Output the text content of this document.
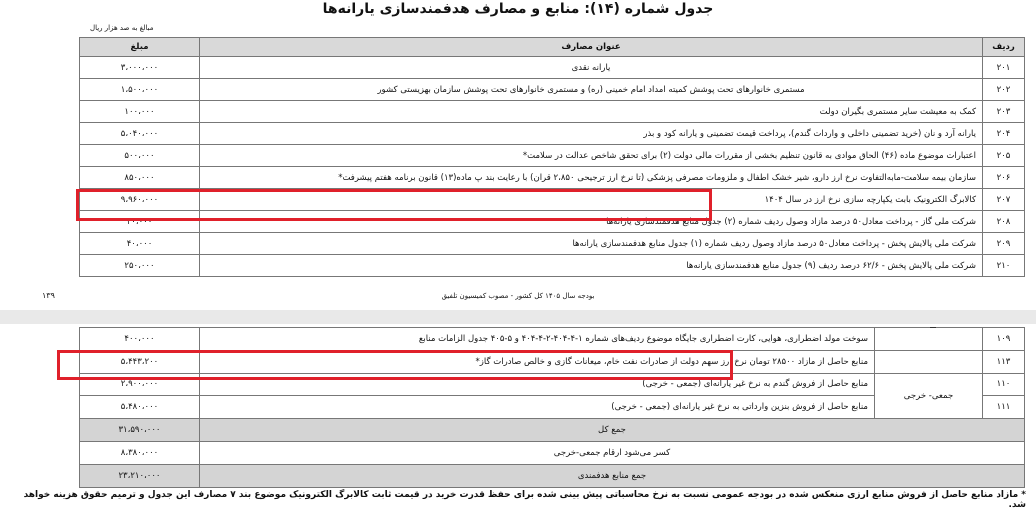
جدول شماره (۱۴): منابع و مصارف هدفمندسازی یارانه‌ها
مبالغ به صد هزار ریال
ردیف	عنوان مصارف	مبلغ
۲۰۱	یارانه نقدی	۳،۰۰۰،۰۰۰
۲۰۲	مستمری خانوارهای تحت پوشش کمیته امداد امام خمینی (ره) و مستمری خانوارهای تحت پوشش سازمان بهزیستی کشور	۱،۵۰۰،۰۰۰
۲۰۳	کمک به معیشت سایر مستمری بگیران دولت	۱۰۰،۰۰۰
۲۰۴	یارانه آرد و نان (خرید تضمینی داخلی و واردات گندم)، پرداخت قیمت تضمینی و یارانه کود و بذر	۵،۰۴۰،۰۰۰
۲۰۵	اعتبارات موضوع ماده (۴۶) الحاق موادی به قانون تنظیم بخشی از مقررات مالی دولت (۲) برای تحقق شاخص عدالت در سلامت*	۵۰۰،۰۰۰
۲۰۶	سازمان بیمه سلامت-مابه‌التفاوت نرخ ارز دارو، شیر خشک اطفال و ملزومات مصرفی پزشکی (تا نرخ ارز ترجیحی ۲،۸۵۰ قران) با رعایت بند پ ماده(۱۳) قانون برنامه هفتم پیشرفت*	۸۵۰،۰۰۰
۲۰۷	کالابرگ الکترونیک بابت یکپارچه سازی نرخ ارز در سال ۱۴۰۴	۹،۹۶۰،۰۰۰
۲۰۸	شرکت ملی گاز - پرداخت معادل۵۰ درصد مازاد وصول ردیف شماره (۲) جدول منابع هدفمندسازی یارانه‌ها	۴۰،۰۰۰
۲۰۹	شرکت ملی پالایش پخش - پرداخت معادل۵۰ درصد مازاد وصول ردیف شماره (۱) جدول منابع هدفمندسازی یارانه‌ها	۴۰،۰۰۰
۲۱۰	شرکت ملی پالایش پخش - ۶۲/۶ درصد ردیف (۹) جدول منابع هدفمندسازی یارانه‌ها	۲۵۰،۰۰۰
بودجه سال ۱۴۰۵ کل کشور - مصوب کمیسیون تلفیق
۱۳۹
۱۰۹		سوخت مولد اضطراری، هوایی، کارت اضطراری جایگاه موضوع ردیف‌های شماره ۱-۴-۴۰۴-۲-۴-۴۰۴ و ۵-۴۰۵ جدول الزامات منابع	۴۰۰،۰۰۰
۱۱۳		منابع حاصل از مازاد ۲۸۵۰۰ تومان نرخ ارز سهم دولت از صادرات نفت خام، میعانات گازی و خالص صادرات گاز*	۵،۴۴۳،۲۰۰
۱۱۰	جمعی- خرجی	منابع حاصل از فروش گندم به نرخ غیر یارانه‌ای (جمعی - خرجی)	۲،۹۰۰،۰۰۰
۱۱۱		منابع حاصل از فروش بنزین وارداتی به نرخ غیر یارانه‌ای (جمعی - خرجی)	۵،۴۸۰،۰۰۰
جمع کل			۳۱،۵۹۰،۰۰۰
کسر می‌شود ارقام جمعی-خرجی			۸،۳۸۰،۰۰۰
جمع منابع هدفمندی			۲۳،۲۱۰،۰۰۰
* مازاد منابع حاصل از فروش منابع ارزی منعکس شده در بودجه عمومی نسبت به نرخ محاسباتی پیش بینی شده برای حفظ قدرت خرید در قیمت ثابت کالابرگ الکترونیک موضوع بند ۷ مصارف این جدول و ترمیم حقوق هزینه خواهد شد.
